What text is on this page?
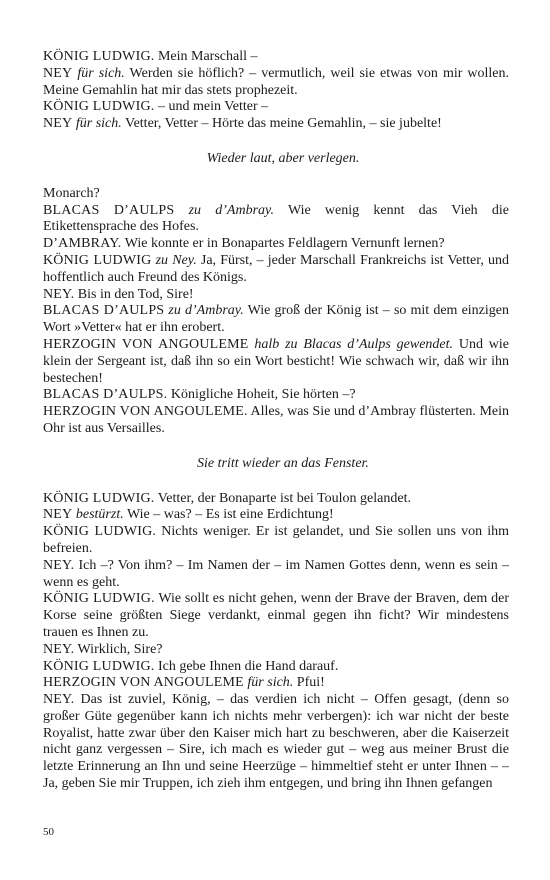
KÖNIG LUDWIG. Mein Marschall –

NEY für sich. Werden sie höflich? – vermutlich, weil sie etwas von mir wollen. Meine Gemahlin hat mir das stets prophezeit.

KÖNIG LUDWIG. – und mein Vetter –

NEY für sich. Vetter, Vetter – Hörte das meine Gemahlin, – sie jubelte!

Wieder laut, aber verlegen.

Monarch?

BLACAS D’AULPS zu d’Ambray. Wie wenig kennt das Vieh die Etikettensprache des Hofes.

D’AMBRAY. Wie konnte er in Bonapartes Feldlagern Vernunft lernen?

KÖNIG LUDWIG zu Ney. Ja, Fürst, – jeder Marschall Frankreichs ist Vetter, und hoffentlich auch Freund des Königs.

NEY. Bis in den Tod, Sire!

BLACAS D’AULPS zu d’Ambray. Wie groß der König ist – so mit dem einzigen Wort »Vetter« hat er ihn erobert.

HERZOGIN VON ANGOULEME halb zu Blacas d’Aulps gewendet. Und wie klein der Sergeant ist, daß ihn so ein Wort besticht! Wie schwach wir, daß wir ihn bestechen!

BLACAS D’AULPS. Königliche Hoheit, Sie hörten –?

HERZOGIN VON ANGOULEME. Alles, was Sie und d’Ambray flüsterten. Mein Ohr ist aus Versailles.

Sie tritt wieder an das Fenster.

KÖNIG LUDWIG. Vetter, der Bonaparte ist bei Toulon gelandet.

NEY bestürzt. Wie – was? – Es ist eine Erdichtung!

KÖNIG LUDWIG. Nichts weniger. Er ist gelandet, und Sie sollen uns von ihm befreien.

NEY. Ich –? Von ihm? – Im Namen der – im Namen Gottes denn, wenn es sein – wenn es geht.

KÖNIG LUDWIG. Wie sollt es nicht gehen, wenn der Brave der Braven, dem der Korse seine größten Siege verdankt, einmal gegen ihn ficht? Wir mindestens trauen es Ihnen zu.

NEY. Wirklich, Sire?

KÖNIG LUDWIG. Ich gebe Ihnen die Hand darauf.

HERZOGIN VON ANGOULEME für sich. Pfui!

NEY. Das ist zuviel, König, – das verdien ich nicht – Offen gesagt, (denn so großer Güte gegenüber kann ich nichts mehr verbergen): ich war nicht der beste Royalist, hatte zwar über den Kaiser mich hart zu beschweren, aber die Kaiserzeit nicht ganz vergessen – Sire, ich mach es wieder gut – weg aus meiner Brust die letzte Erinnerung an Ihn und seine Heerzüge – himmeltief steht er unter Ihnen – – Ja, geben Sie mir Truppen, ich zieh ihm entgegen, und bring ihn Ihnen gefangen

50
